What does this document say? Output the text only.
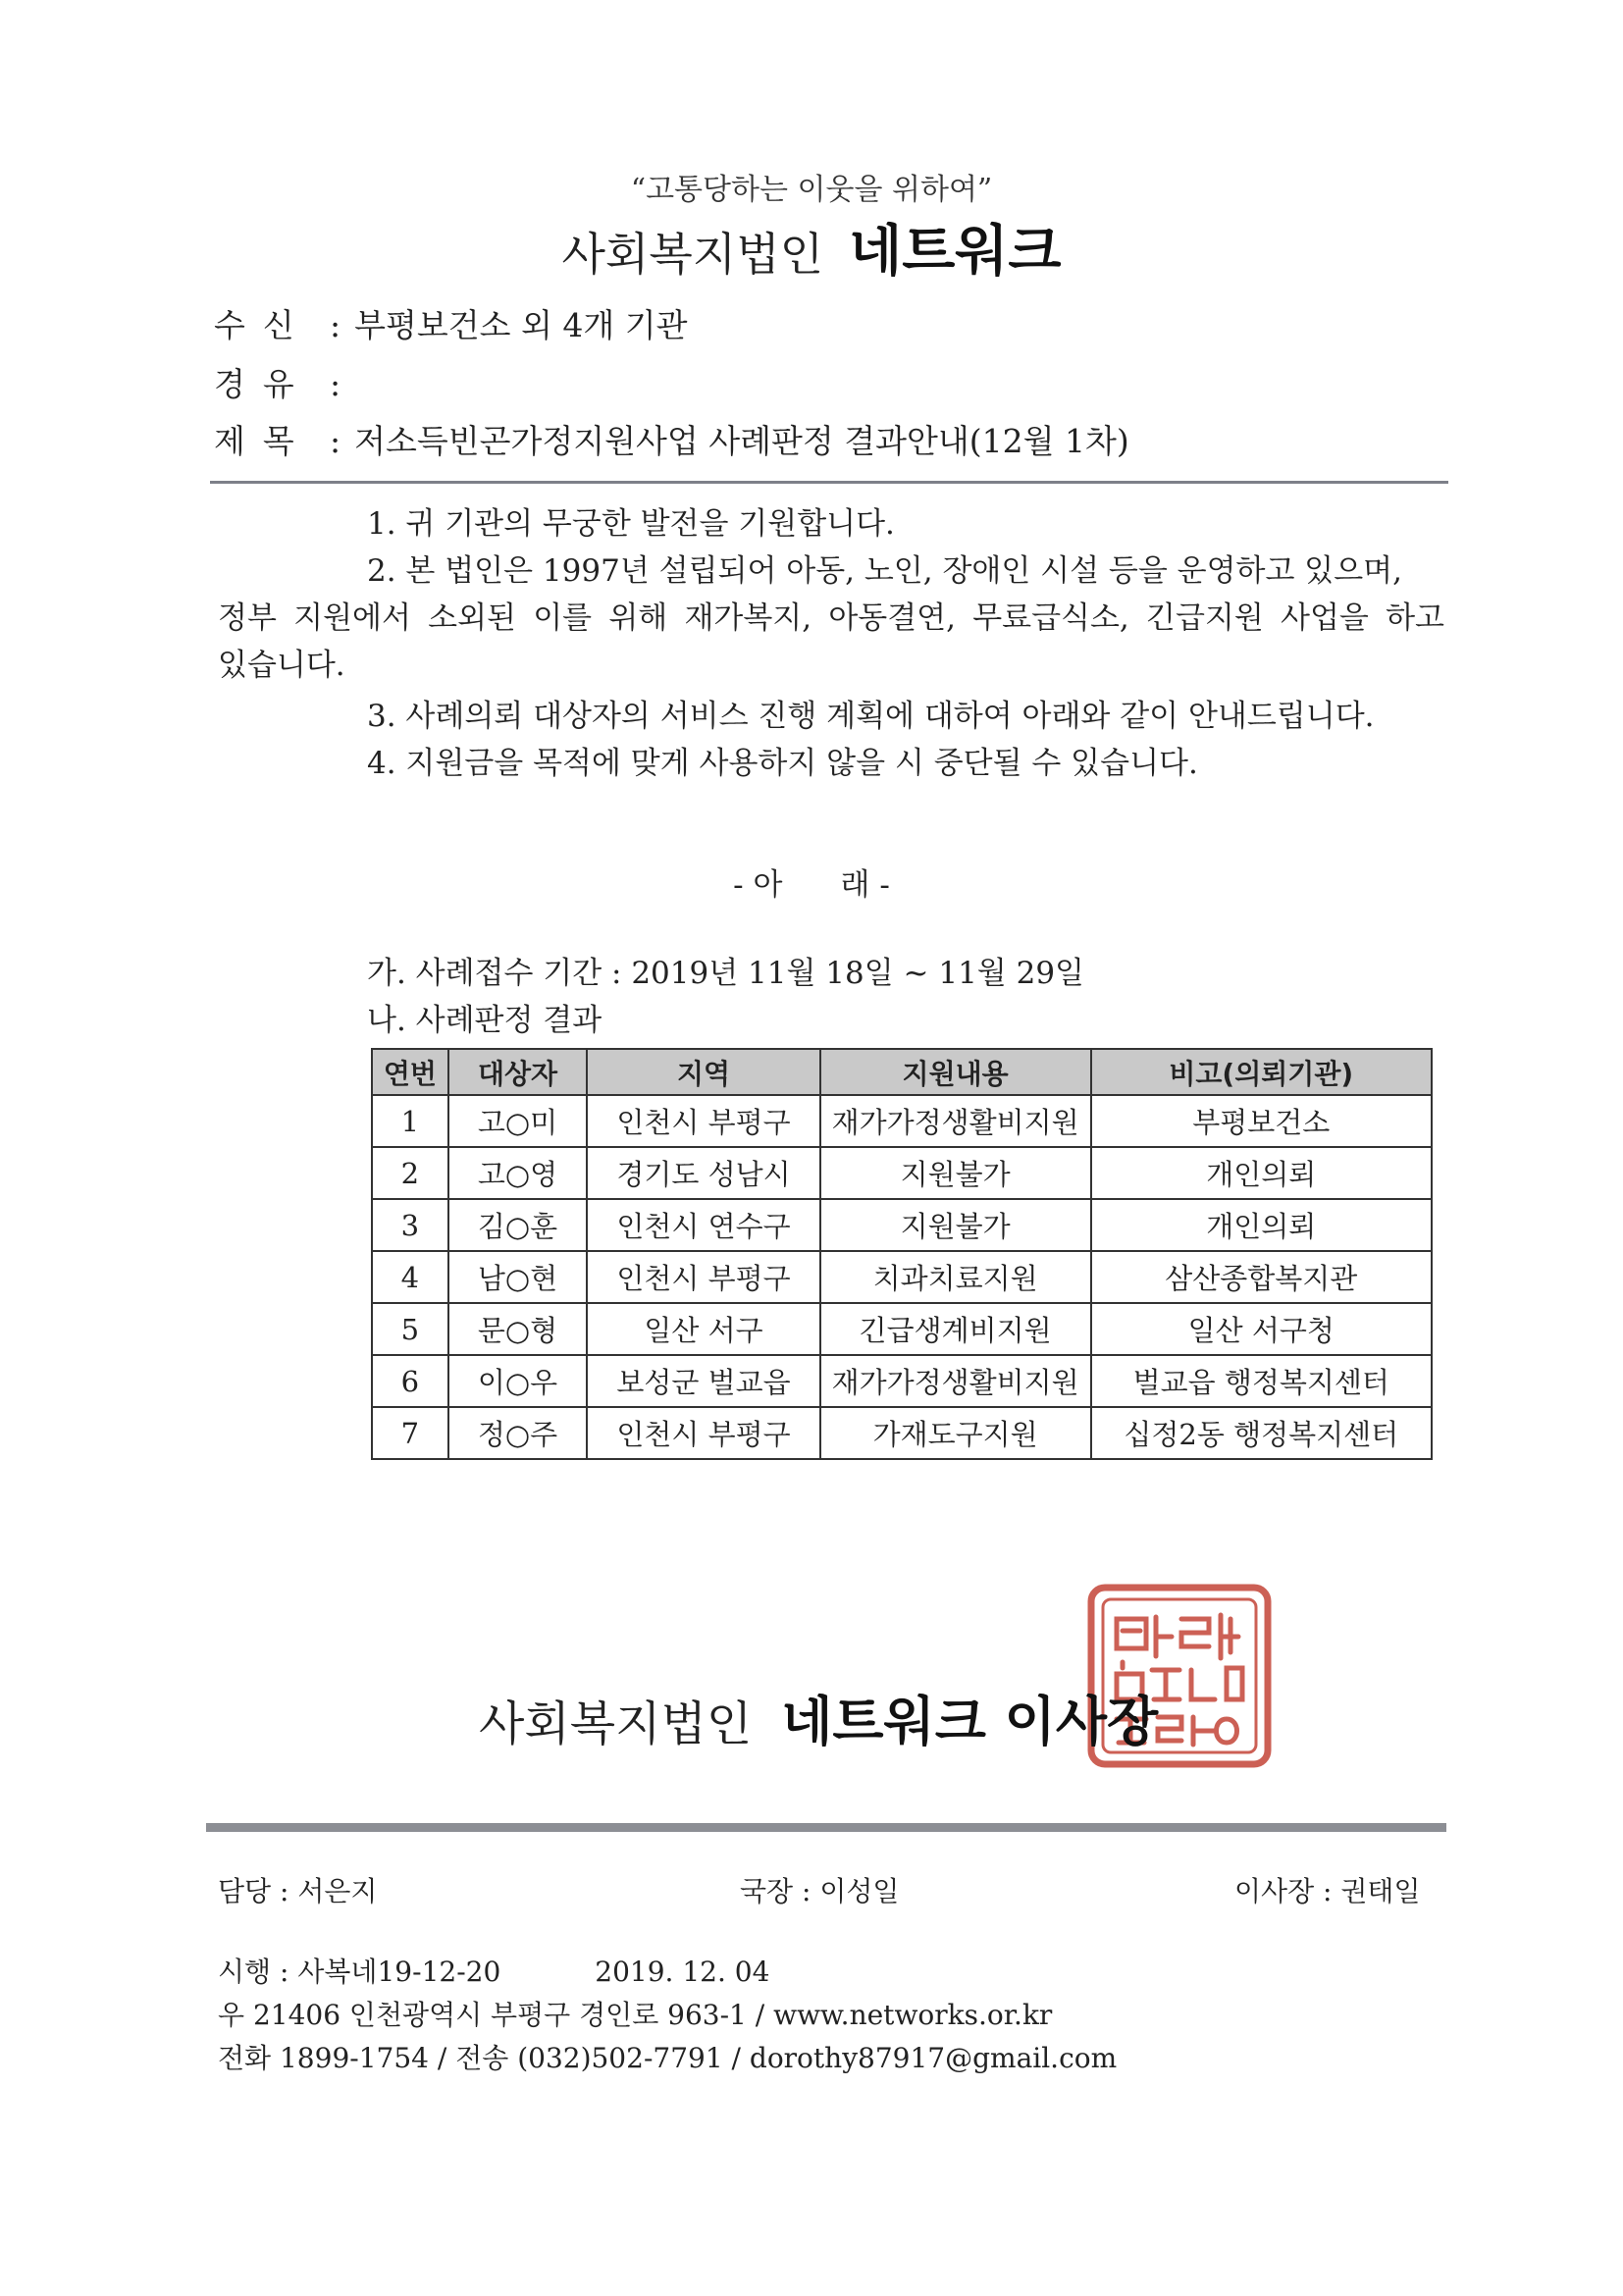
“고통당하는 이웃을 위하여”
사회복지법인 네트워크
수신 : 부평보건소 외 4개 기관
경유 :
제목 : 저소득빈곤가정지원사업 사례판정 결과안내(12월 1차)
1. 귀 기관의 무궁한 발전을 기원합니다.
2. 본 법인은 1997년 설립되어 아동, 노인, 장애인 시설 등을 운영하고 있으며,
정부 지원에서 소외된 이를 위해 재가복지, 아동결연, 무료급식소, 긴급지원 사업을 하고
있습니다.
3. 사례의뢰 대상자의 서비스 진행 계획에 대하여 아래와 같이 안내드립니다.
4. 지원금을 목적에 맞게 사용하지 않을 시 중단될 수 있습니다.
- 아      래 -
가. 사례접수 기간 : 2019년 11월 18일 ~ 11월 29일
나. 사례판정 결과
연번	대상자	지역	지원내용	비고(의뢰기관)
1	고○미	인천시 부평구	재가가정생활비지원	부평보건소
2	고○영	경기도 성남시	지원불가	개인의뢰
3	김○훈	인천시 연수구	지원불가	개인의뢰
4	남○현	인천시 부평구	치과치료지원	삼산종합복지관
5	문○형	일산 서구	긴급생계비지원	일산 서구청
6	이○우	보성군 벌교읍	재가가정생활비지원	벌교읍 행정복지센터
7	정○주	인천시 부평구	가재도구지원	십정2동 행정복지센터
사회복지법인 네트워크 이사장
담당 : 서은지	국장 : 이성일	이사장 : 권태일
시행 : 사복네19-12-20	2019. 12. 04
우 21406 인천광역시 부평구 경인로 963-1 / www.networks.or.kr
전화 1899-1754 / 전송 (032)502-7791 / dorothy87917@gmail.com
